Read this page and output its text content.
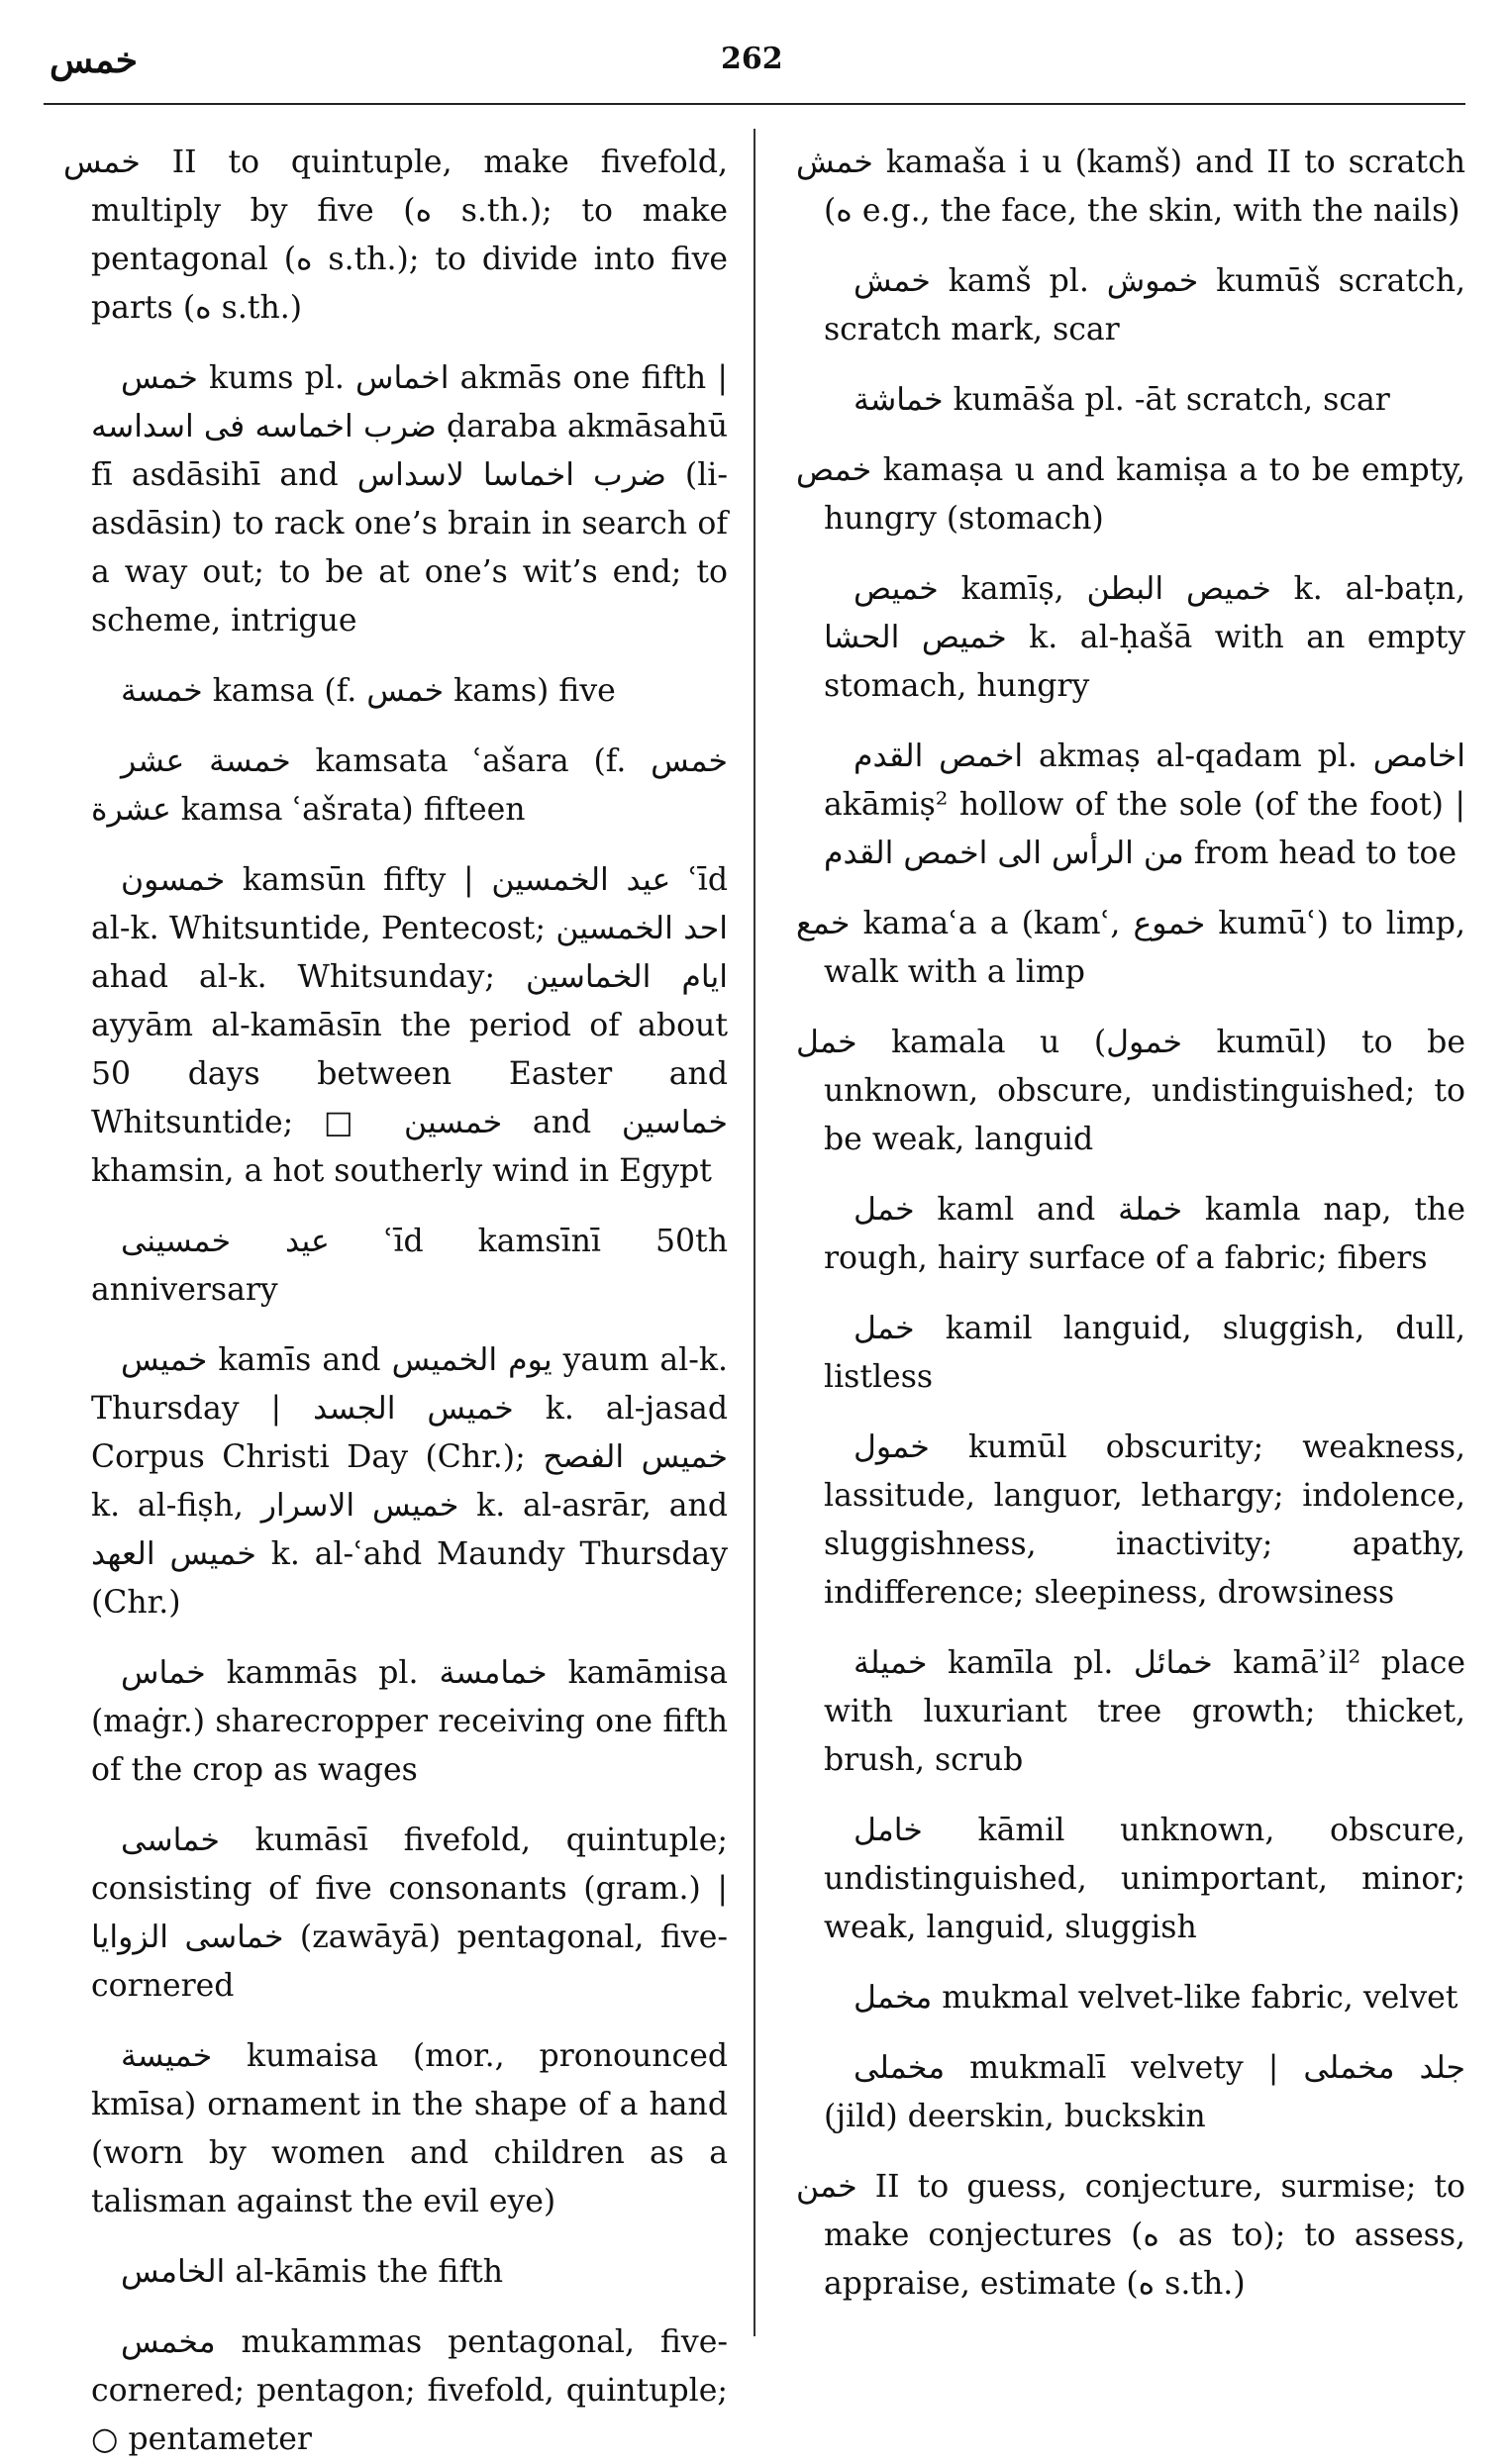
خمس	262

خمس II to quintuple, make fivefold, multiply by five (ه s.th.); to make pentagonal (ه s.th.); to divide into five parts (ه s.th.)

خمس kums pl. اخماس akmās one fifth | ضرب اخماسه فى اسداسه ḍaraba akmāsahū fī asdāsihī and ضرب اخماسا لاسداس (li-asdāsin) to rack one’s brain in search of a way out; to be at one’s wit’s end; to scheme, intrigue

خمسة kamsa (f. خمس kams) five

خمسة عشر kamsata ʿašara (f. خمس عشرة kamsa ʿašrata) fifteen

خمسون kamsūn fifty | عيد الخمسين ʿīd al-k. Whitsuntide, Pentecost; احد الخمسين ahad al-k. Whitsunday; ايام الخماسين ayyām al-kamāsīn the period of about 50 days between Easter and Whitsuntide; □ خمسين and خماسين khamsin, a hot southerly wind in Egypt

عيد خمسينى ʿīd kamsīnī 50th anniversary

خميس kamīs and يوم الخميس yaum al-k. Thursday | خميس الجسد k. al-jasad Corpus Christi Day (Chr.); خميس الفصح k. al-fiṣh, خميس الاسرار k. al-asrār, and خميس العهد k. al-ʿahd Maundy Thursday (Chr.)

خماس kammās pl. خمامسة kamāmisa (maġr.) sharecropper receiving one fifth of the crop as wages

خماسى kumāsī fivefold, quintuple; consisting of five consonants (gram.) | خماسى الزوايا (zawāyā) pentagonal, five-cornered

خميسة kumaisa (mor., pronounced kmīsa) ornament in the shape of a hand (worn by women and children as a talisman against the evil eye)

الخامس al-kāmis the fifth

مخمس mukammas pentagonal, five-cornered; pentagon; fivefold, quintuple; ○ pentameter

خمش kamaša i u (kamš) and II to scratch (ه e.g., the face, the skin, with the nails)

خمش kamš pl. خموش kumūš scratch, scratch mark, scar

خماشة kumāša pl. -āt scratch, scar

خمص kamaṣa u and kamiṣa a to be empty, hungry (stomach)

خميص kamīṣ, خميص البطن k. al-baṭn, خميص الحشا k. al-ḥašā with an empty stomach, hungry

اخمص القدم akmaṣ al-qadam pl. اخامص akāmiṣ² hollow of the sole (of the foot) | من الرأس الى اخمص القدم from head to toe

خمع kamaʿa a (kamʿ, خموع kumūʿ) to limp, walk with a limp

خمل kamala u (خمول kumūl) to be unknown, obscure, undistinguished; to be weak, languid

خمل kaml and خملة kamla nap, the rough, hairy surface of a fabric; fibers

خمل kamil languid, sluggish, dull, listless

خمول kumūl obscurity; weakness, lassitude, languor, lethargy; indolence, sluggishness, inactivity; apathy, indifference; sleepiness, drowsiness

خميلة kamīla pl. خمائل kamāʾil² place with luxuriant tree growth; thicket, brush, scrub

خامل kāmil unknown, obscure, undistinguished, unimportant, minor; weak, languid, sluggish

مخمل mukmal velvet-like fabric, velvet

مخملى mukmalī velvety | جلد مخملى (jild) deerskin, buckskin

خمن II to guess, conjecture, surmise; to make conjectures (ه as to); to assess, appraise, estimate (ه s.th.)
